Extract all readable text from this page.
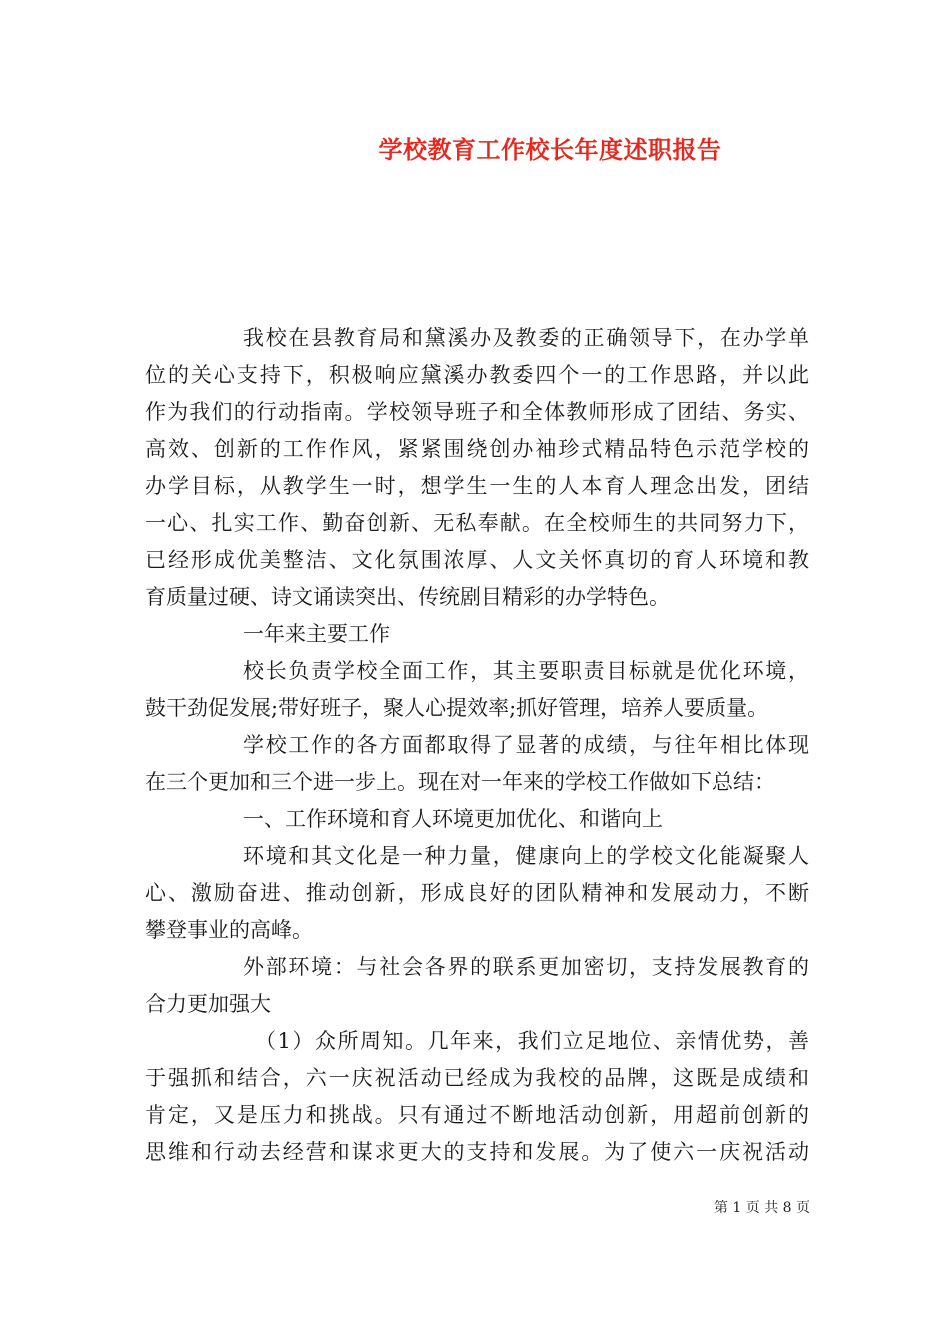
学校教育工作校长年度述职报告
我校在县教育局和黛溪办及教委的正确领导下，在办学单
位的关心支持下，积极响应黛溪办教委四个一的工作思路，并以此
作为我们的行动指南。学校领导班子和全体教师形成了团结、务实、
高效、创新的工作作风，紧紧围绕创办袖珍式精品特色示范学校的
办学目标，从教学生一时，想学生一生的人本育人理念出发，团结
一心、扎实工作、勤奋创新、无私奉献。在全校师生的共同努力下，
已经形成优美整洁、文化氛围浓厚、人文关怀真切的育人环境和教
育质量过硬、诗文诵读突出、传统剧目精彩的办学特色。
一年来主要工作
校长负责学校全面工作，其主要职责目标就是优化环境，
鼓干劲促发展;带好班子，聚人心提效率;抓好管理，培养人要质量。
学校工作的各方面都取得了显著的成绩，与往年相比体现
在三个更加和三个进一步上。现在对一年来的学校工作做如下总结：
一、工作环境和育人环境更加优化、和谐向上
环境和其文化是一种力量，健康向上的学校文化能凝聚人
心、激励奋进、推动创新，形成良好的团队精神和发展动力，不断
攀登事业的高峰。
外部环境：与社会各界的联系更加密切，支持发展教育的
合力更加强大
（1）众所周知。几年来，我们立足地位、亲情优势，善
于强抓和结合，六一庆祝活动已经成为我校的品牌，这既是成绩和
肯定，又是压力和挑战。只有通过不断地活动创新，用超前创新的
思维和行动去经营和谋求更大的支持和发展。为了使六一庆祝活动
第 1 页 共 8 页
